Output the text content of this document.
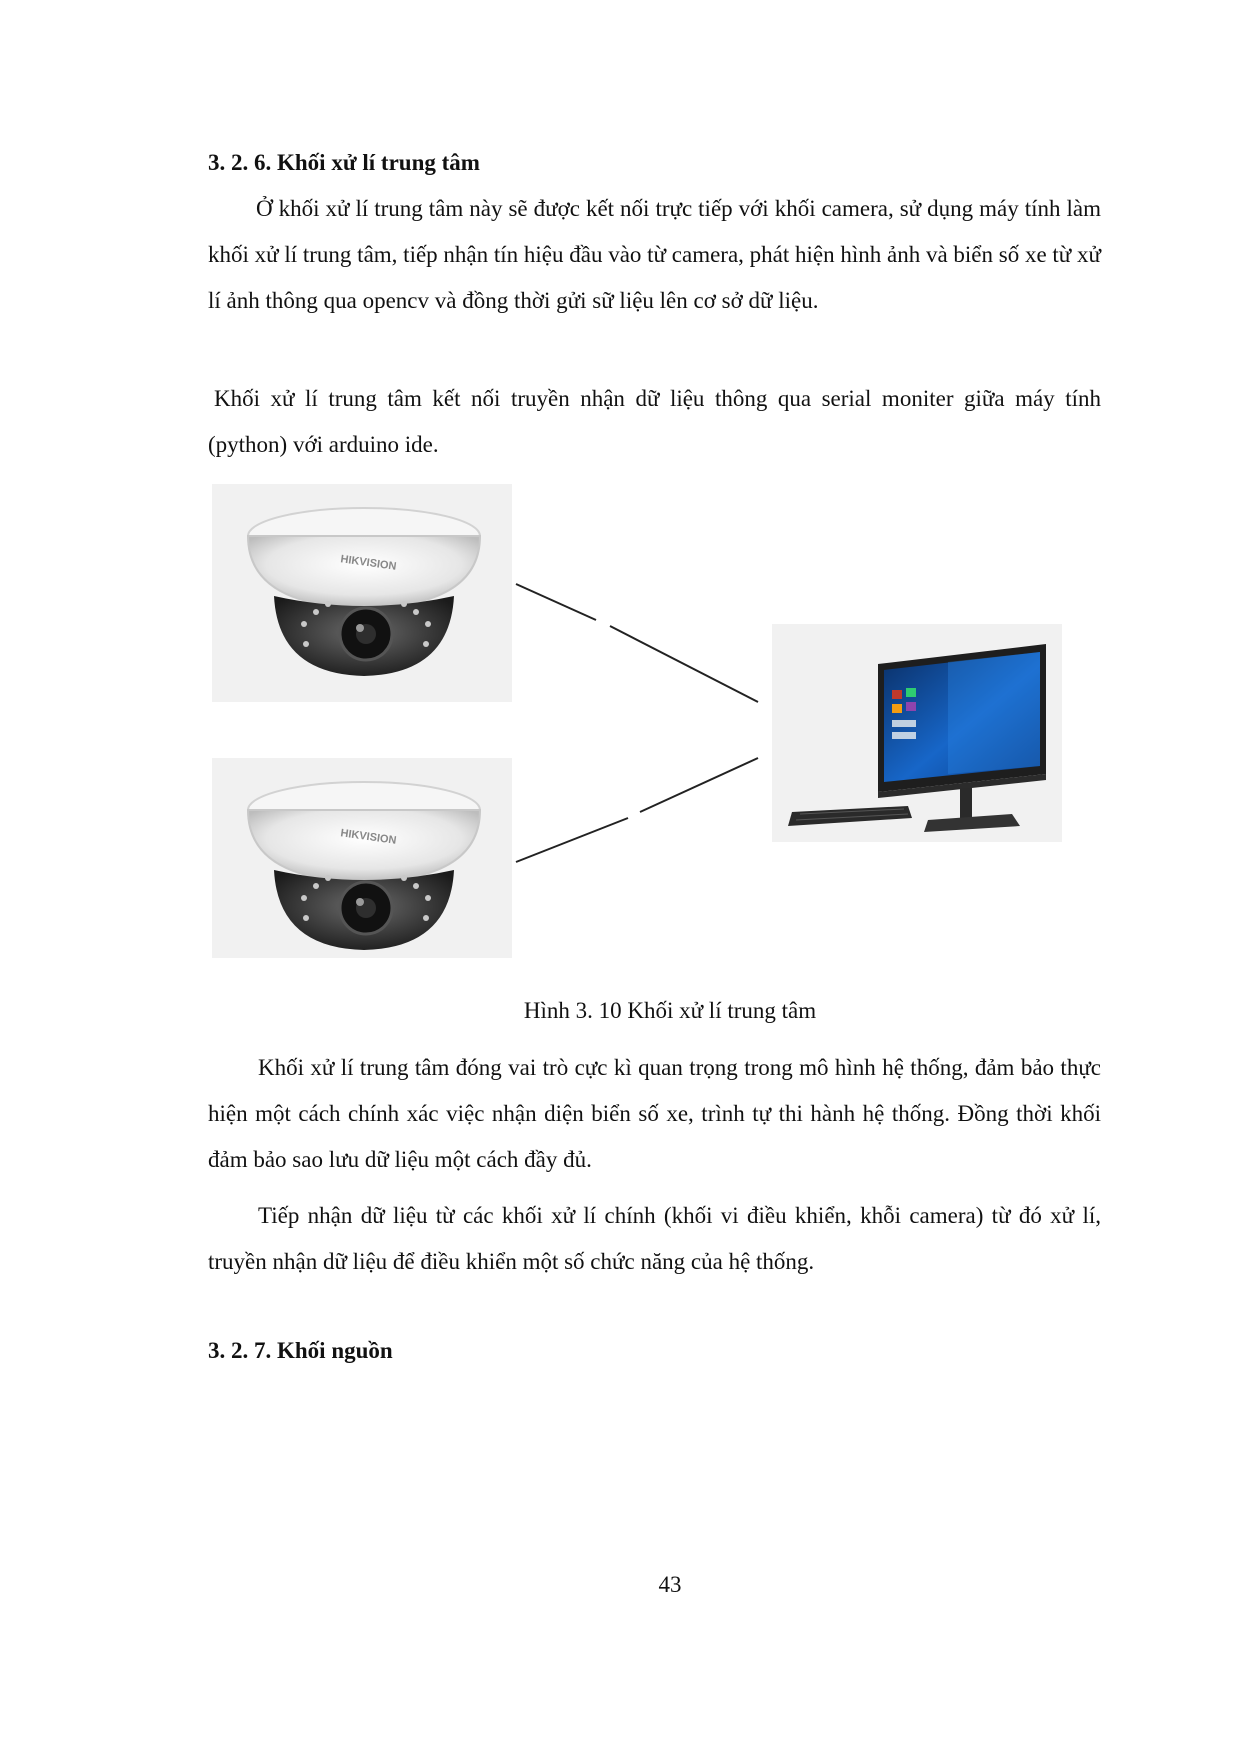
3. 2. 6. Khối xử lí trung tâm
Ở khối xử lí trung tâm này sẽ được kết nối trực tiếp với khối camera, sử dụng máy tính làm khối xử lí trung tâm, tiếp nhận tín hiệu đầu vào từ camera, phát hiện hình ảnh và biển số xe từ xử lí ảnh thông qua opencv và đồng thời gửi sữ liệu lên cơ sở dữ liệu.
Khối xử lí trung tâm kết nối truyền nhận dữ liệu thông qua serial moniter giữa máy tính (python) với arduino ide.
HIKVISION
HIKVISION
Hình 3. 10 Khối xử lí trung tâm
Khối xử lí trung tâm đóng vai trò cực kì quan trọng trong mô hình hệ thống, đảm bảo thực hiện một cách chính xác việc nhận diện biển số xe, trình tự thi hành hệ thống. Đồng thời khối đảm bảo sao lưu dữ liệu một cách đầy đủ.
Tiếp nhận dữ liệu từ các khối xử lí chính (khối vi điều khiển, khỗi camera) từ đó xử lí, truyền nhận dữ liệu để điều khiển một số chức năng của hệ thống.
3. 2. 7. Khối nguồn
43
